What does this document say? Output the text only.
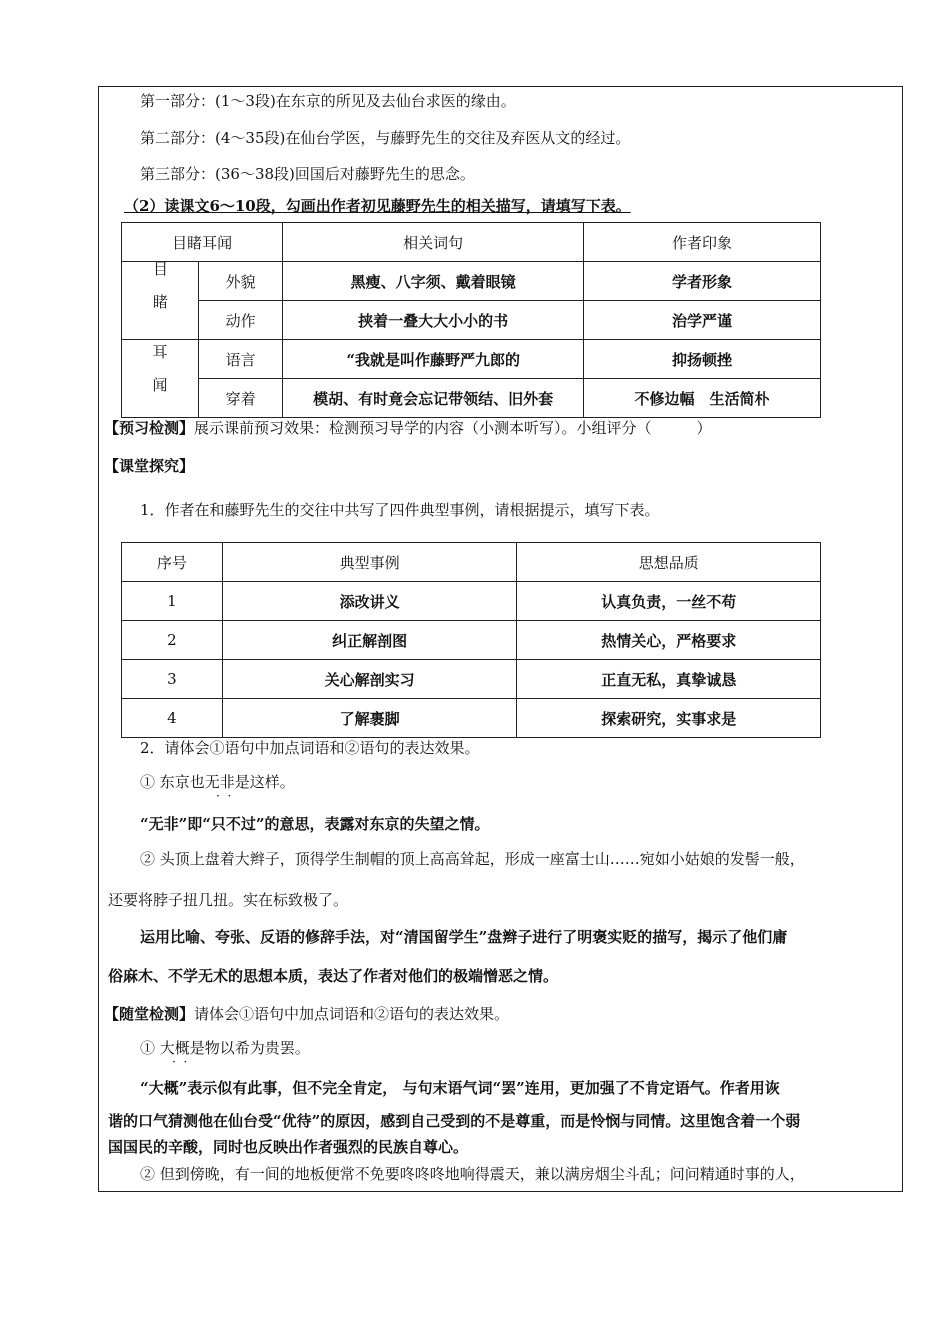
第一部分：(1～3段)在东京的所见及去仙台求医的缘由。
第二部分：(4～35段)在仙台学医，与藤野先生的交往及弃医从文的经过。
第三部分：(36～38段)回国后对藤野先生的思念。
（2）读课文6～10段，勾画出作者初见藤野先生的相关描写，请填写下表。
目睹耳闻		相关词句	作者印象
目睹	外貌	黑瘦、八字须、戴着眼镜	学者形象
	动作	挟着一叠大大小小的书	治学严谨
耳闻	语言	“我就是叫作藤野严九郎的	抑扬顿挫
	穿着	模胡、有时竟会忘记带领结、旧外套	不修边幅　生活简朴
【预习检测】展示课前预习效果：检测预习导学的内容（小测本听写）。小组评分（　　　）
【课堂探究】
1．作者在和藤野先生的交往中共写了四件典型事例，请根据提示，填写下表。
序号	典型事例	思想品质
1	添改讲义	认真负责，一丝不苟
2	纠正解剖图	热情关心，严格要求
3	关心解剖实习	正直无私，真挚诚恳
4	了解裹脚	探索研究，实事求是
2．请体会①语句中加点词语和②语句的表达效果。
① 东京也无非是这样。
·  ·
“无非”即“只不过”的意思，表露对东京的失望之情。
② 头顶上盘着大辫子，顶得学生制帽的顶上高高耸起，形成一座富士山……宛如小姑娘的发髻一般，
还要将脖子扭几扭。实在标致极了。
运用比喻、夸张、反语的修辞手法，对“清国留学生”盘辫子进行了明褒实贬的描写，揭示了他们庸
俗麻木、不学无术的思想本质，表达了作者对他们的极端憎恶之情。
【随堂检测】请体会①语句中加点词语和②语句的表达效果。
① 大概是物以希为贵罢。
·  ·
“大概”表示似有此事，但不完全肯定， 与句末语气词“罢”连用，更加强了不肯定语气。作者用诙
谐的口气猜测他在仙台受“优待”的原因，感到自己受到的不是尊重，而是怜悯与同情。这里饱含着一个弱
国国民的辛酸，同时也反映出作者强烈的民族自尊心。
② 但到傍晚，有一间的地板便常不免要咚咚咚地响得震天，兼以满房烟尘斗乱；问问精通时事的人，
